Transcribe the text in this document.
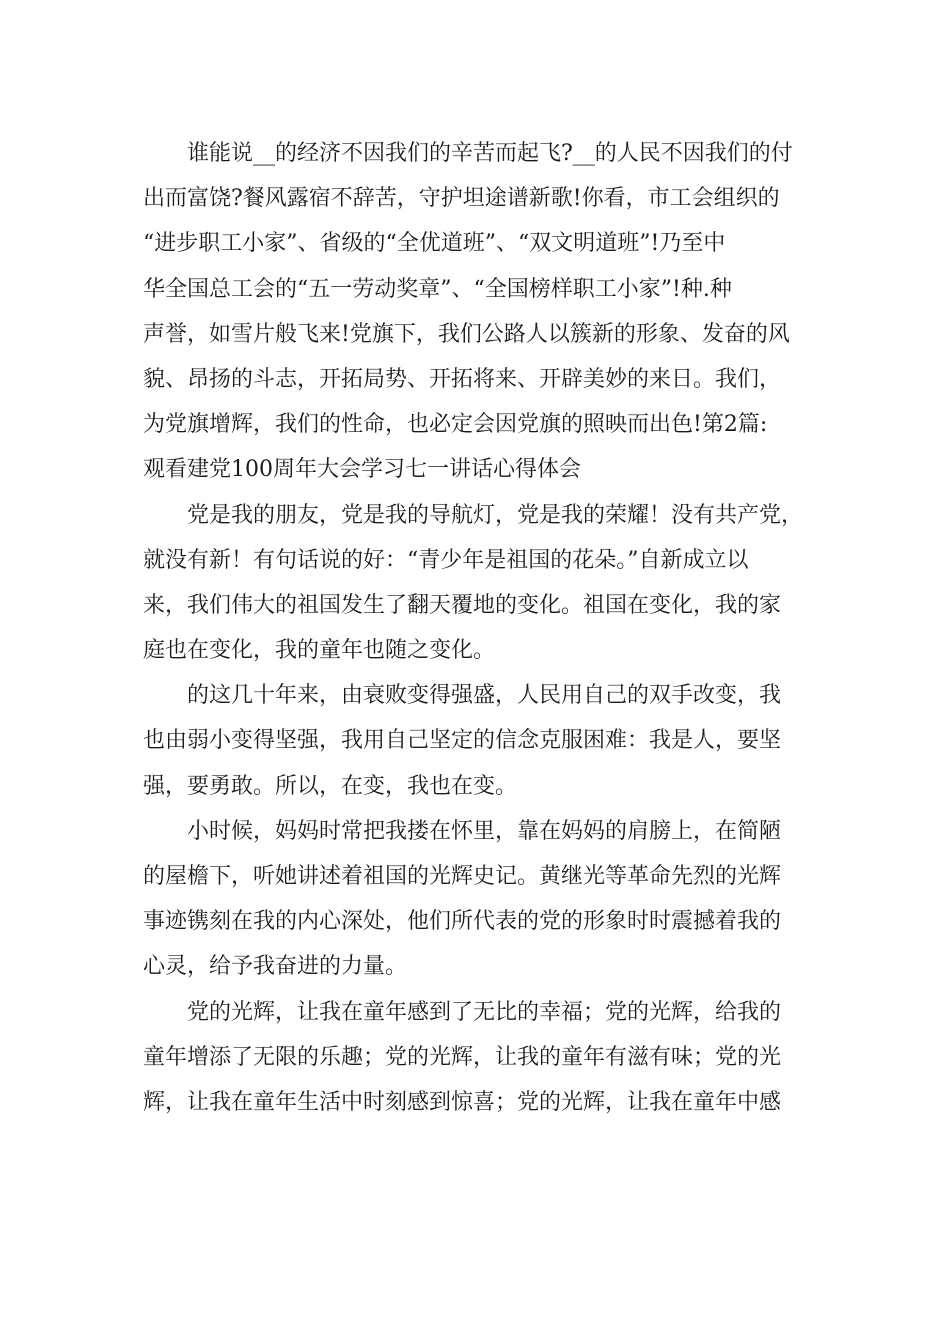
谁能说__的经济不因我们的辛苦而起飞?__的人民不因我们的付
出而富饶?餐风露宿不辞苦，守护坦途谱新歌!你看，市工会组织的
“进步职工小家”、省级的“全优道班”、“双文明道班”!乃至中
华全国总工会的“五一劳动奖章”、“全国榜样职工小家”!种.种
声誉，如雪片般飞来!党旗下，我们公路人以簇新的形象、发奋的风
貌、昂扬的斗志，开拓局势、开拓将来、开辟美妙的来日。我们，
为党旗增辉，我们的性命，也必定会因党旗的照映而出色!第2篇:
观看建党100周年大会学习七一讲话心得体会
党是我的朋友，党是我的导航灯，党是我的荣耀！没有共产党，
就没有新！有句话说的好：“青少年是祖国的花朵。”自新成立以
来，我们伟大的祖国发生了翻天覆地的变化。祖国在变化，我的家
庭也在变化，我的童年也随之变化。
的这几十年来，由衰败变得强盛，人民用自己的双手改变，我
也由弱小变得坚强，我用自己坚定的信念克服困难：我是人，要坚
强，要勇敢。所以，在变，我也在变。
小时候，妈妈时常把我搂在怀里，靠在妈妈的肩膀上，在简陋
的屋檐下，听她讲述着祖国的光辉史记。黄继光等革命先烈的光辉
事迹镌刻在我的内心深处，他们所代表的党的形象时时震撼着我的
心灵，给予我奋进的力量。
党的光辉，让我在童年感到了无比的幸福；党的光辉，给我的
童年增添了无限的乐趣；党的光辉，让我的童年有滋有味；党的光
辉，让我在童年生活中时刻感到惊喜；党的光辉，让我在童年中感
